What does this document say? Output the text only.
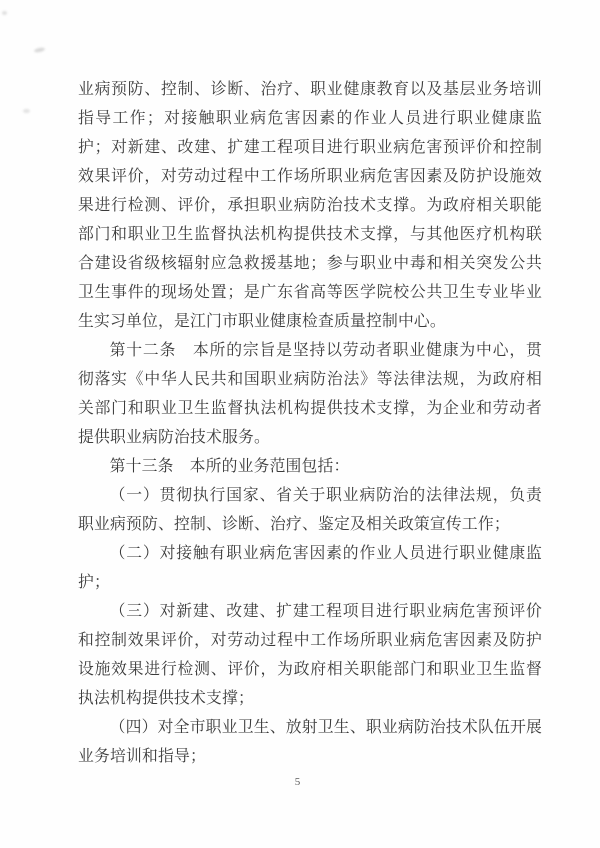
业病预防、控制、诊断、治疗、职业健康教育以及基层业务培训
指导工作；对接触职业病危害因素的作业人员进行职业健康监
护；对新建、改建、扩建工程项目进行职业病危害预评价和控制
效果评价，对劳动过程中工作场所职业病危害因素及防护设施效
果进行检测、评价，承担职业病防治技术支撑。为政府相关职能
部门和职业卫生监督执法机构提供技术支撑，与其他医疗机构联
合建设省级核辐射应急救援基地；参与职业中毒和相关突发公共
卫生事件的现场处置；是广东省高等医学院校公共卫生专业毕业
生实习单位，是江门市职业健康检查质量控制中心。
第十二条　本所的宗旨是坚持以劳动者职业健康为中心，贯
彻落实《中华人民共和国职业病防治法》等法律法规，为政府相
关部门和职业卫生监督执法机构提供技术支撑，为企业和劳动者
提供职业病防治技术服务。
第十三条　本所的业务范围包括：
（一）贯彻执行国家、省关于职业病防治的法律法规，负责
职业病预防、控制、诊断、治疗、鉴定及相关政策宣传工作；
（二）对接触有职业病危害因素的作业人员进行职业健康监
护；
（三）对新建、改建、扩建工程项目进行职业病危害预评价
和控制效果评价，对劳动过程中工作场所职业病危害因素及防护
设施效果进行检测、评价，为政府相关职能部门和职业卫生监督
执法机构提供技术支撑；
（四）对全市职业卫生、放射卫生、职业病防治技术队伍开展
业务培训和指导；
5
